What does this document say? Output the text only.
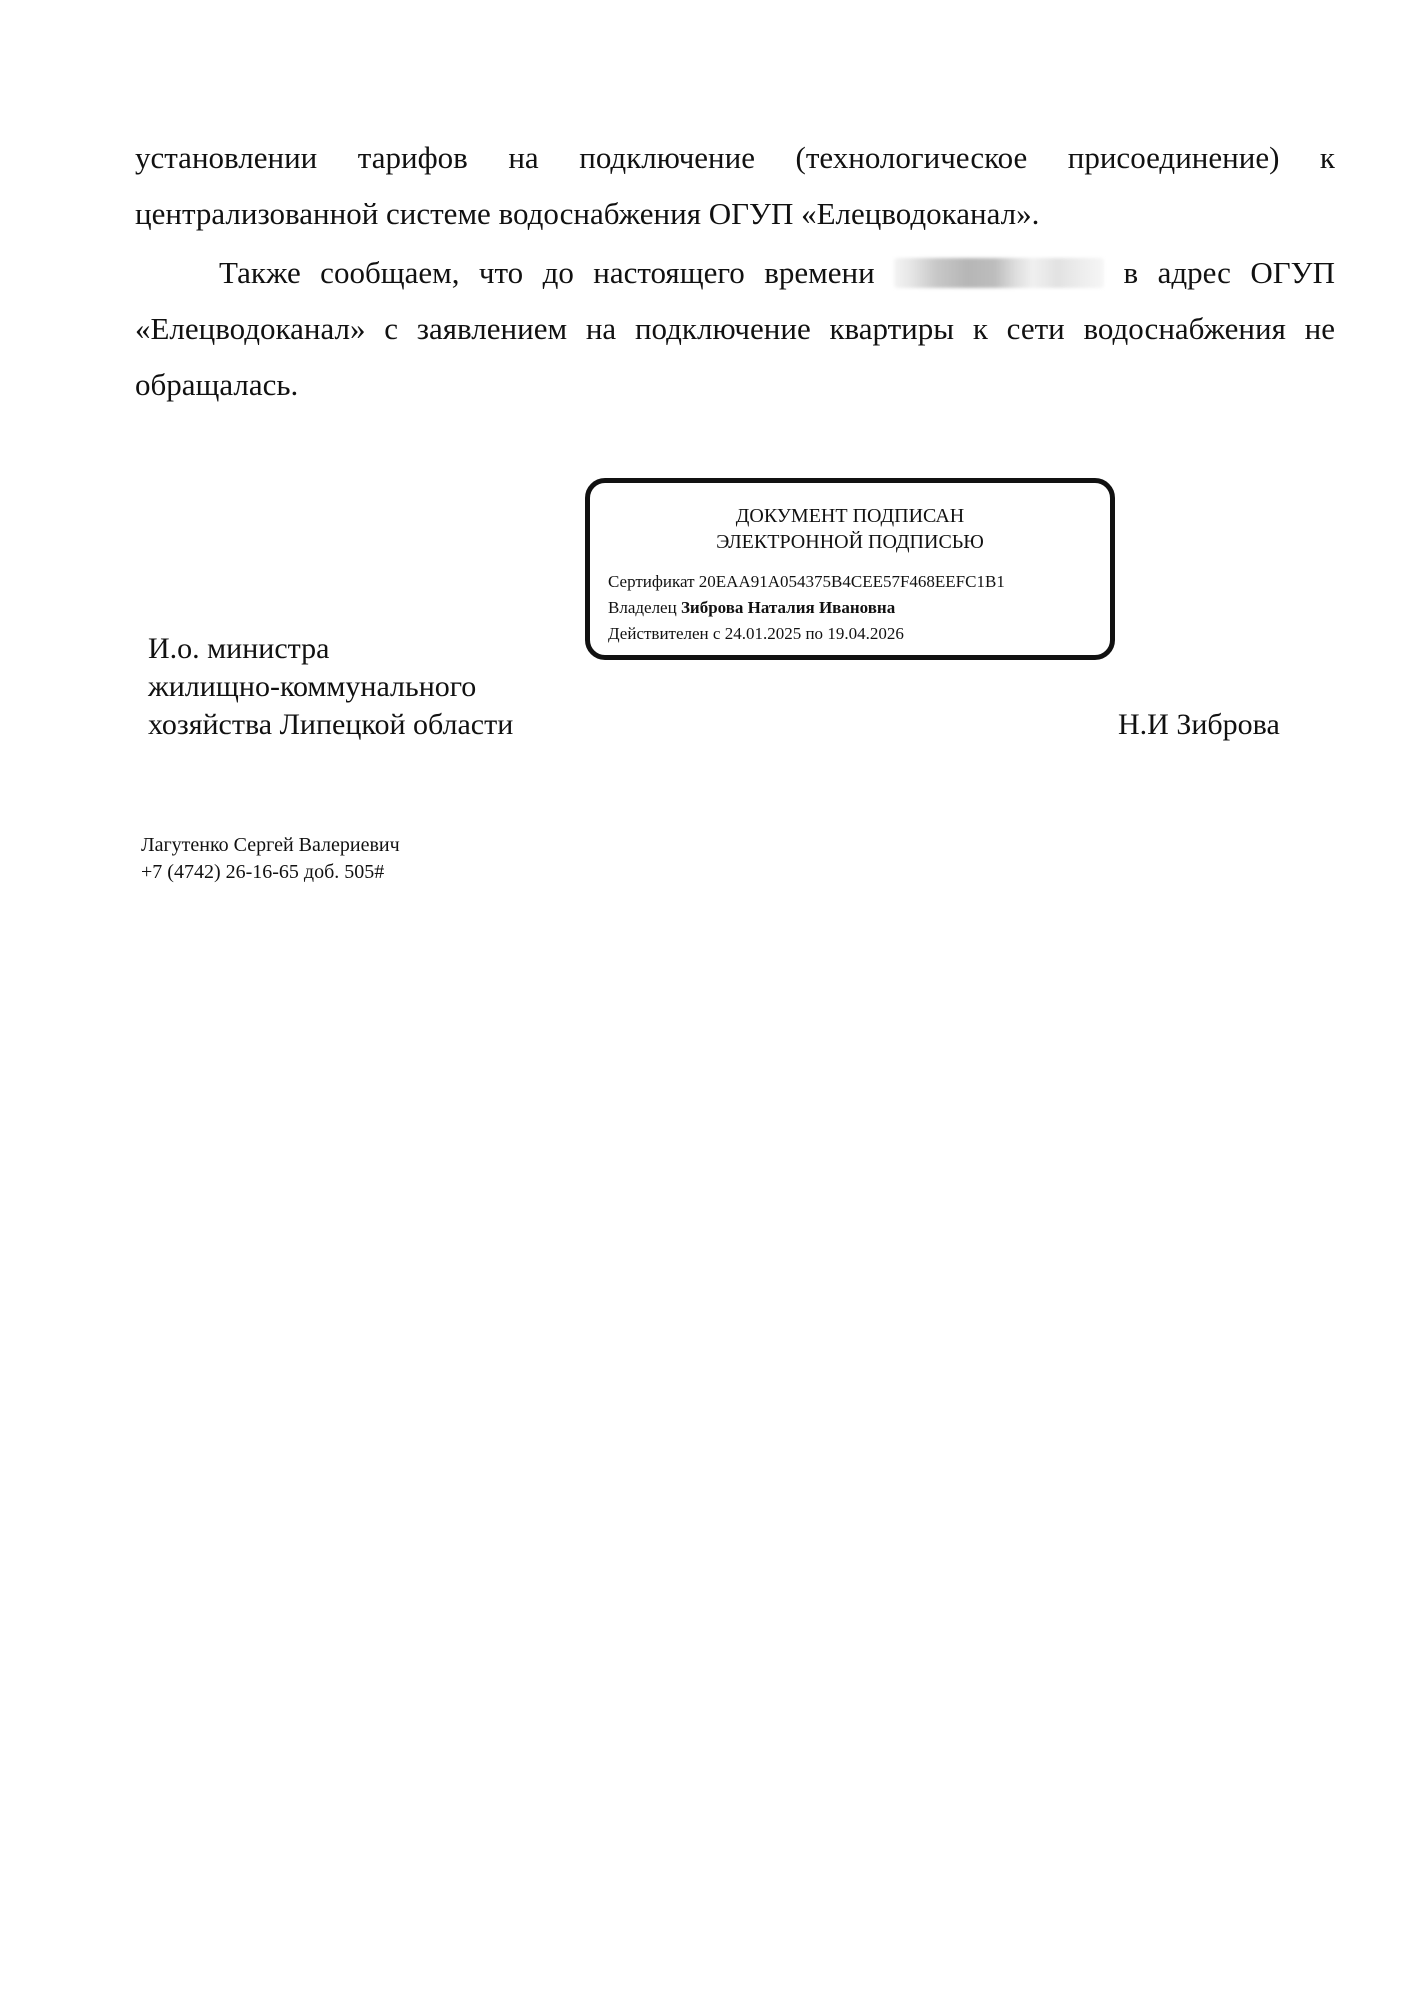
установлении тарифов на подключение (технологическое присоединение) к централизованной системе водоснабжения ОГУП «Елецводоканал».
Также сообщаем, что до настоящего времени	в адрес ОГУП «Елецводоканал» с заявлением на подключение квартиры к сети водоснабжения не обращалась.
ДОКУМЕНТ ПОДПИСАН
ЭЛЕКТРОННОЙ ПОДПИСЬЮ
Сертификат 20EAA91A054375B4CEE57F468EEFC1B1
Владелец Зиброва Наталия Ивановна
Действителен с 24.01.2025 по 19.04.2026
И.о. министра
жилищно-коммунального
хозяйства Липецкой области	Н.И Зиброва
Лагутенко Сергей Валериевич
+7 (4742) 26-16-65 доб. 505#
